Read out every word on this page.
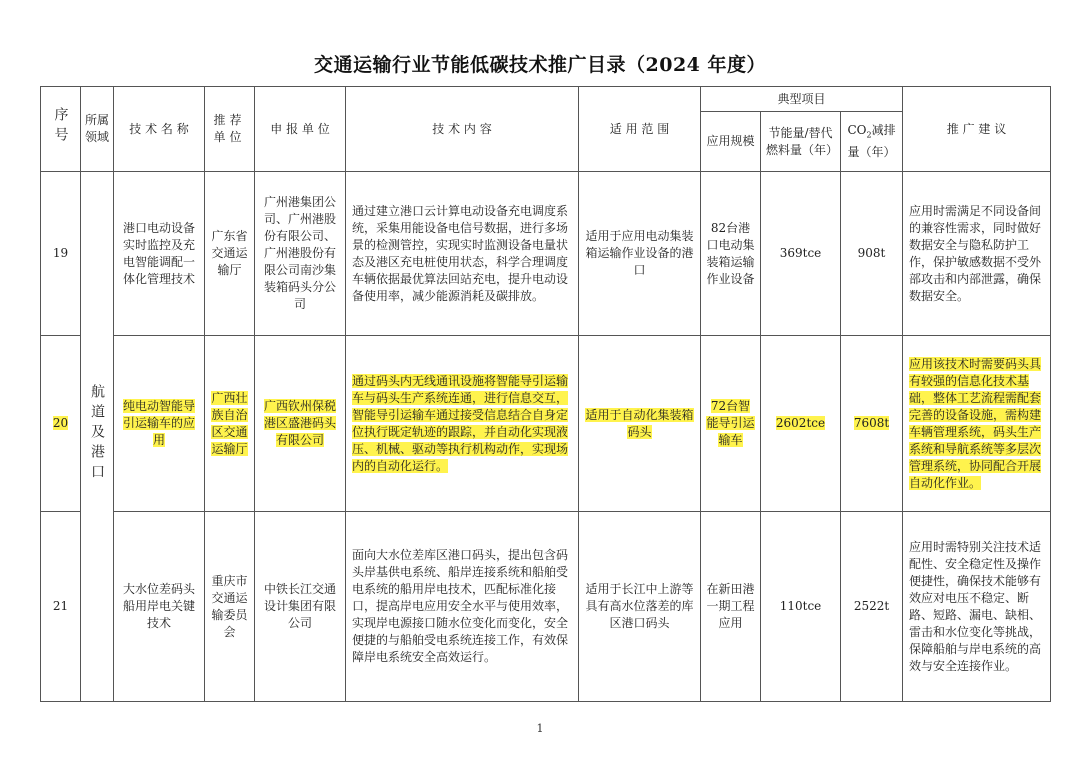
交通运输行业节能低碳技术推广目录（2024 年度）
序号	所属领域	技 术 名 称	推荐单位	申 报 单 位	技 术 内 容	适 用 范 围	典型项目			推 广 建 议

							应用规模	节能量/替代燃料量（年）	$CO_2$减排量（年）	

19	航道及港口	港口电动设备实时监控及充电智能调配一体化管理技术	广东省交通运输厅	广州港集团公司、广州港股份有限公司、广州港股份有限公司南沙集装箱码头分公司	通过建立港口云计算电动设备充电调度系统，采集用能设备电信号数据，进行多场景的检测管控，实现实时监测设备电量状态及港区充电桩使用状态，科学合理调度车辆依据最优算法回站充电，提升电动设备使用率，减少能源消耗及碳排放。	适用于应用电动集装箱运输作业设备的港口	82台港口电动集装箱运输作业设备	369tce	908t	应用时需满足不同设备间的兼容性需求，同时做好数据安全与隐私防护工作，保护敏感数据不受外部攻击和内部泄露，确保数据安全。

20		纯电动智能导引运输车的应用	广西壮族自治区交通运输厅	广西钦州保税港区盛港码头有限公司	通过码头内无线通讯设施将智能导引运输车与码头生产系统连通，进行信息交互，智能导引运输车通过接受信息结合自身定位执行既定轨迹的跟踪，并自动化实现液压、机械、驱动等执行机构动作，实现场内的自动化运行。	适用于自动化集装箱码头	72台智能导引运输车	2602tce	7608t	应用该技术时需要码头具有较强的信息化技术基础，整体工艺流程需配套完善的设备设施，需构建车辆管理系统，码头生产系统和导航系统等多层次管理系统，协同配合开展自动化作业。

21		大水位差码头船用岸电关键技术	重庆市交通运输委员会	中铁长江交通设计集团有限公司	面向大水位差库区港口码头，提出包含码头岸基供电系统、船岸连接系统和船舶受电系统的船用岸电技术，匹配标准化接口，提高岸电应用安全水平与使用效率，实现岸电源接口随水位变化而变化，安全便捷的与船舶受电系统连接工作，有效保障岸电系统安全高效运行。	适用于长江中上游等具有高水位落差的库区港口码头	在新田港一期工程应用	110tce	2522t	应用时需特别关注技术适配性、安全稳定性及操作便捷性，确保技术能够有效应对电压不稳定、断路、短路、漏电、缺相、雷击和水位变化等挑战，保障船舶与岸电系统的高效与安全连接作业。
1
